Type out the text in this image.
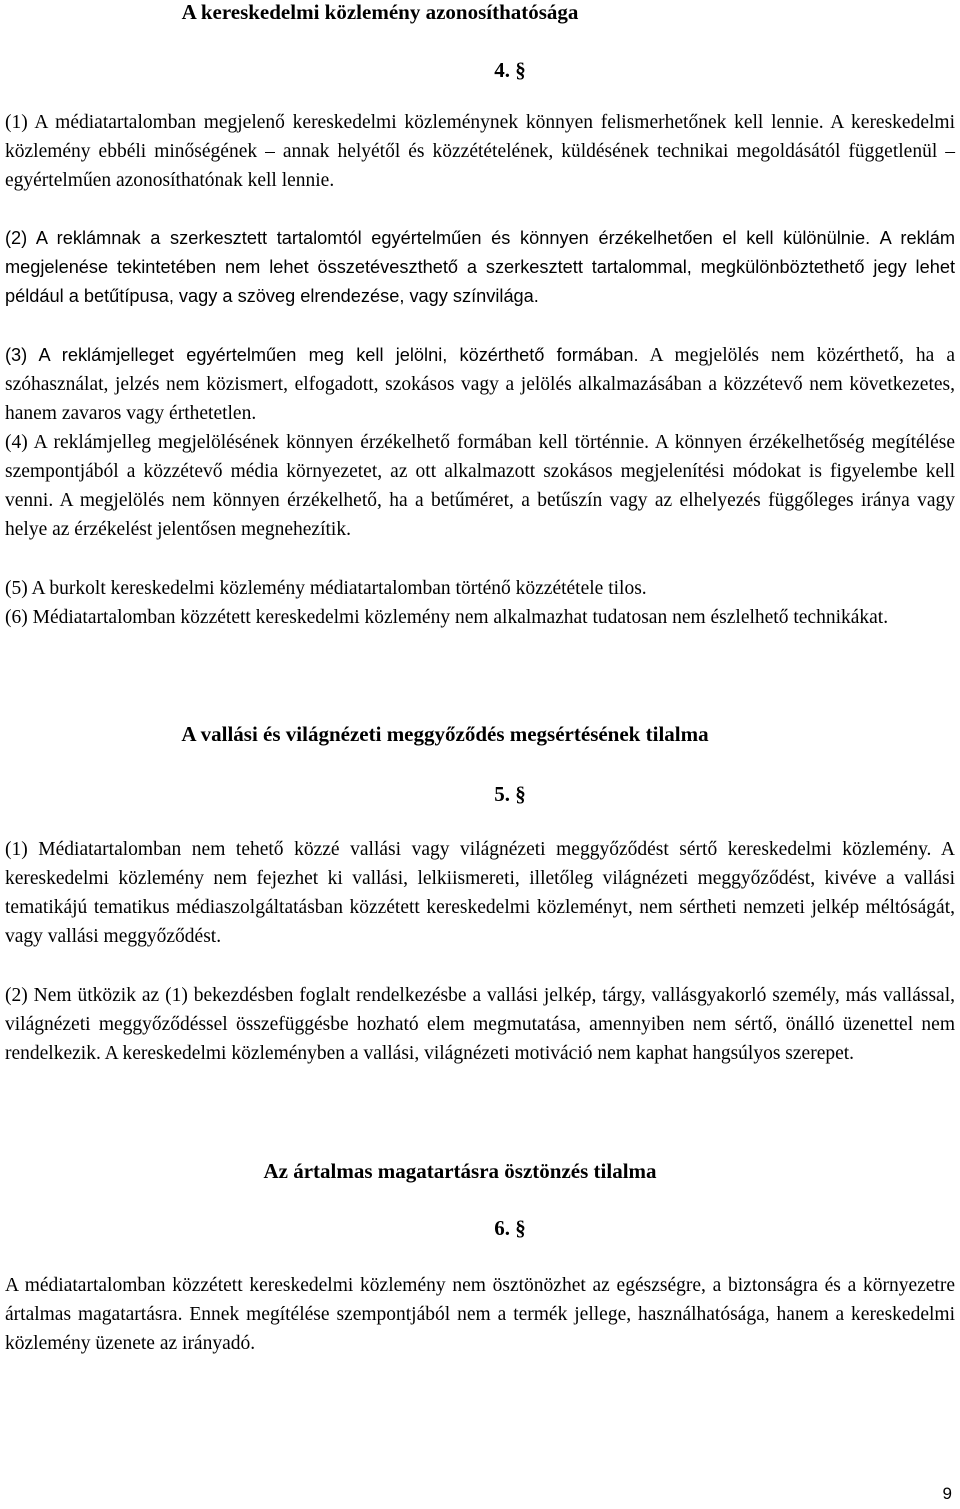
A kereskedelmi közlemény azonosíthatósága
4. §

(1) A médiatartalomban megjelenő kereskedelmi közleménynek könnyen felismerhetőnek kell lennie. A kereskedelmi közlemény ebbéli minőségének – annak helyétől és közzétételének, küldésének technikai megoldásától függetlenül – egyértelműen azonosíthatónak kell lennie.

(2) A reklámnak a szerkesztett tartalomtól egyértelműen és könnyen érzékelhetően el kell különülnie. A reklám megjelenése tekintetében nem lehet összetéveszthető a szerkesztett tartalommal, megkülönböztethető jegy lehet például a betűtípusa, vagy a szöveg elrendezése, vagy színvilága.

(3) A reklámjelleget egyértelműen meg kell jelölni, közérthető formában. A megjelölés nem közérthető, ha a szóhasználat, jelzés nem közismert, elfogadott, szokásos vagy a jelölés alkalmazásában a közzétevő nem következetes, hanem zavaros vagy érthetetlen.

(4) A reklámjelleg megjelölésének könnyen érzékelhető formában kell történnie. A könnyen érzékelhetőség megítélése szempontjából a közzétevő média környezetet, az ott alkalmazott szokásos megjelenítési módokat is figyelembe kell venni. A megjelölés nem könnyen érzékelhető, ha a betűméret, a betűszín vagy az elhelyezés függőleges iránya vagy helye az érzékelést jelentősen megnehezítik.

(5) A burkolt kereskedelmi közlemény médiatartalomban történő közzététele tilos.

(6) Médiatartalomban közzétett kereskedelmi közlemény nem alkalmazhat tudatosan nem észlelhető technikákat.

A vallási és világnézeti meggyőződés megsértésének tilalma
5. §

(1) Médiatartalomban nem tehető közzé vallási vagy világnézeti meggyőződést sértő kereskedelmi közlemény. A kereskedelmi közlemény nem fejezhet ki vallási, lelkiismereti, illetőleg világnézeti meggyőződést, kivéve a vallási tematikájú tematikus médiaszolgáltatásban közzétett kereskedelmi közleményt, nem sértheti nemzeti jelkép méltóságát, vagy vallási meggyőződést.

(2) Nem ütközik az (1) bekezdésben foglalt rendelkezésbe a vallási jelkép, tárgy, vallásgyakorló személy, más vallással, világnézeti meggyőződéssel összefüggésbe hozható elem megmutatása, amennyiben nem sértő, önálló üzenettel nem rendelkezik. A kereskedelmi közleményben a vallási, világnézeti motiváció nem kaphat hangsúlyos szerepet.

Az ártalmas magatartásra ösztönzés tilalma
6. §

A médiatartalomban közzétett kereskedelmi közlemény nem ösztönözhet az egészségre, a biztonságra és a környezetre ártalmas magatartásra. Ennek megítélése szempontjából nem a termék jellege, használhatósága, hanem a kereskedelmi közlemény üzenete az irányadó.

9
